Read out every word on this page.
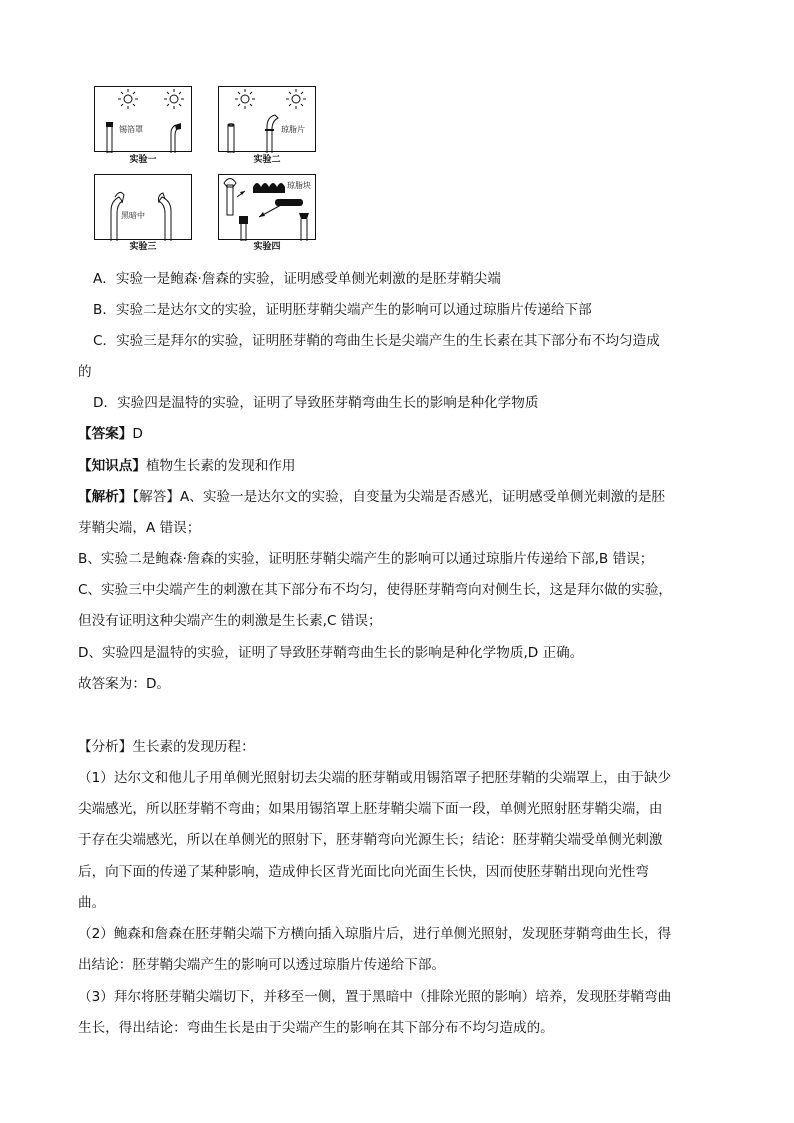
锡箔罩
实验一
琼脂片
实验二
黑暗中
实验三
琼脂块
实验四
A．实验一是鲍森·詹森的实验，证明感受单侧光刺激的是胚芽鞘尖端
B．实验二是达尔文的实验，证明胚芽鞘尖端产生的影响可以通过琼脂片传递给下部
C．实验三是拜尔的实验，证明胚芽鞘的弯曲生长是尖端产生的生长素在其下部分布不均匀造成
的
D．实验四是温特的实验，证明了导致胚芽鞘弯曲生长的影响是种化学物质
【答案】D
【知识点】植物生长素的发现和作用
【解析】【解答】A、实验一是达尔文的实验，自变量为尖端是否感光，证明感受单侧光刺激的是胚
芽鞘尖端，A 错误；
B、实验二是鲍森·詹森的实验，证明胚芽鞘尖端产生的影响可以通过琼脂片传递给下部,B 错误；
C、实验三中尖端产生的刺激在其下部分布不均匀，使得胚芽鞘弯向对侧生长，这是拜尔做的实验，
但没有证明这种尖端产生的刺激是生长素,C 错误；
D、实验四是温特的实验，证明了导致胚芽鞘弯曲生长的影响是种化学物质,D 正确。
故答案为：D。
【分析】生长素的发现历程：
（1）达尔文和他儿子用单侧光照射切去尖端的胚芽鞘或用锡箔罩子把胚芽鞘的尖端罩上，由于缺少
尖端感光，所以胚芽鞘不弯曲；如果用锡箔罩上胚芽鞘尖端下面一段，单侧光照射胚芽鞘尖端，由
于存在尖端感光，所以在单侧光的照射下，胚芽鞘弯向光源生长；结论：胚芽鞘尖端受单侧光刺激
后，向下面的传递了某种影响，造成伸长区背光面比向光面生长快，因而使胚芽鞘出现向光性弯
曲。
（2）鲍森和詹森在胚芽鞘尖端下方横向插入琼脂片后，进行单侧光照射，发现胚芽鞘弯曲生长，得
出结论：胚芽鞘尖端产生的影响可以透过琼脂片传递给下部。
（3）拜尔将胚芽鞘尖端切下，并移至一侧，置于黑暗中（排除光照的影响）培养，发现胚芽鞘弯曲
生长，得出结论：弯曲生长是由于尖端产生的影响在其下部分布不均匀造成的。
